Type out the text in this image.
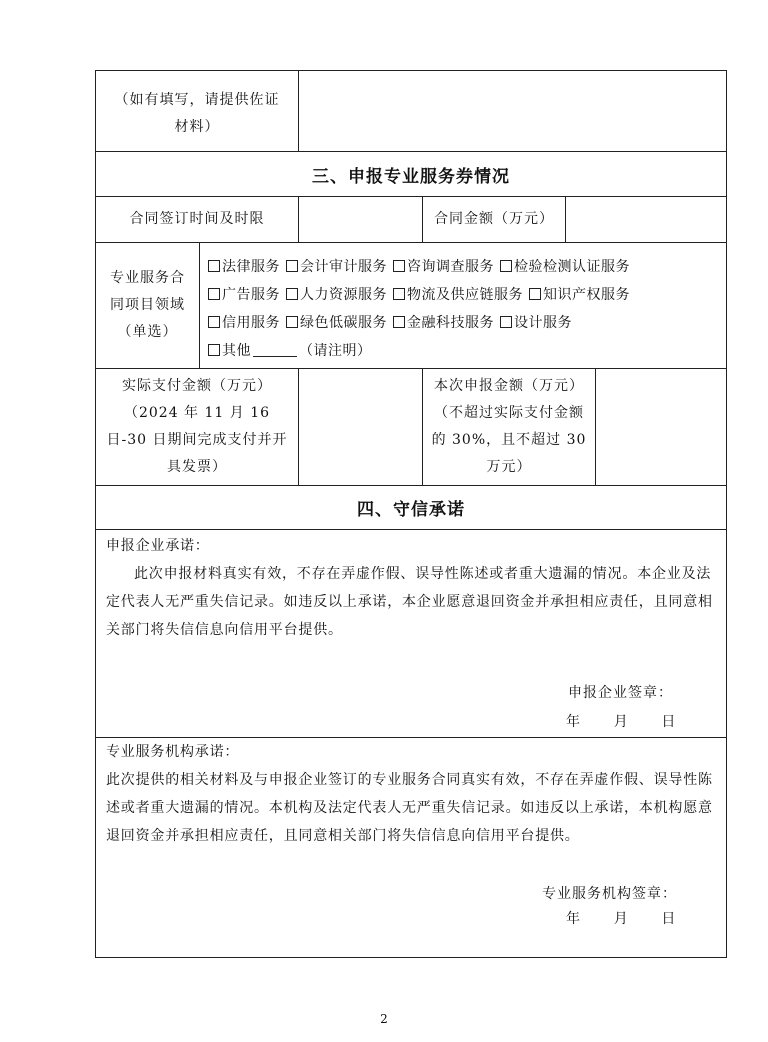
（如有填写，请提供佐证材料）
三、申报专业服务券情况
合同签订时间及时限	合同金额（万元）
专业服务合同项目领域（单选）
法律服务 会计审计服务 咨询调查服务 检验检测认证服务
广告服务 人力资源服务 物流及供应链服务 知识产权服务
信用服务 绿色低碳服务 金融科技服务 设计服务
其他	（请注明）
实际支付金额（万元）（2024 年 11 月 16 日-30 日期间完成支付并开具发票）
本次申报金额（万元）（不超过实际支付金额的 30%，且不超过 30 万元）
四、守信承诺

申报企业承诺：

此次申报材料真实有效，不存在弄虚作假、误导性陈述或者重大遗漏的情况。本企业及法定代表人无严重失信记录。如违反以上承诺，本企业愿意退回资金并承担相应责任，且同意相关部门将失信信息向信用平台提供。

申报企业签章：
年      月      日

专业服务机构承诺：

此次提供的相关材料及与申报企业签订的专业服务合同真实有效，不存在弄虚作假、误导性陈述或者重大遗漏的情况。本机构及法定代表人无严重失信记录。如违反以上承诺，本机构愿意退回资金并承担相应责任，且同意相关部门将失信信息向信用平台提供。

专业服务机构签章：
年      月      日
2
